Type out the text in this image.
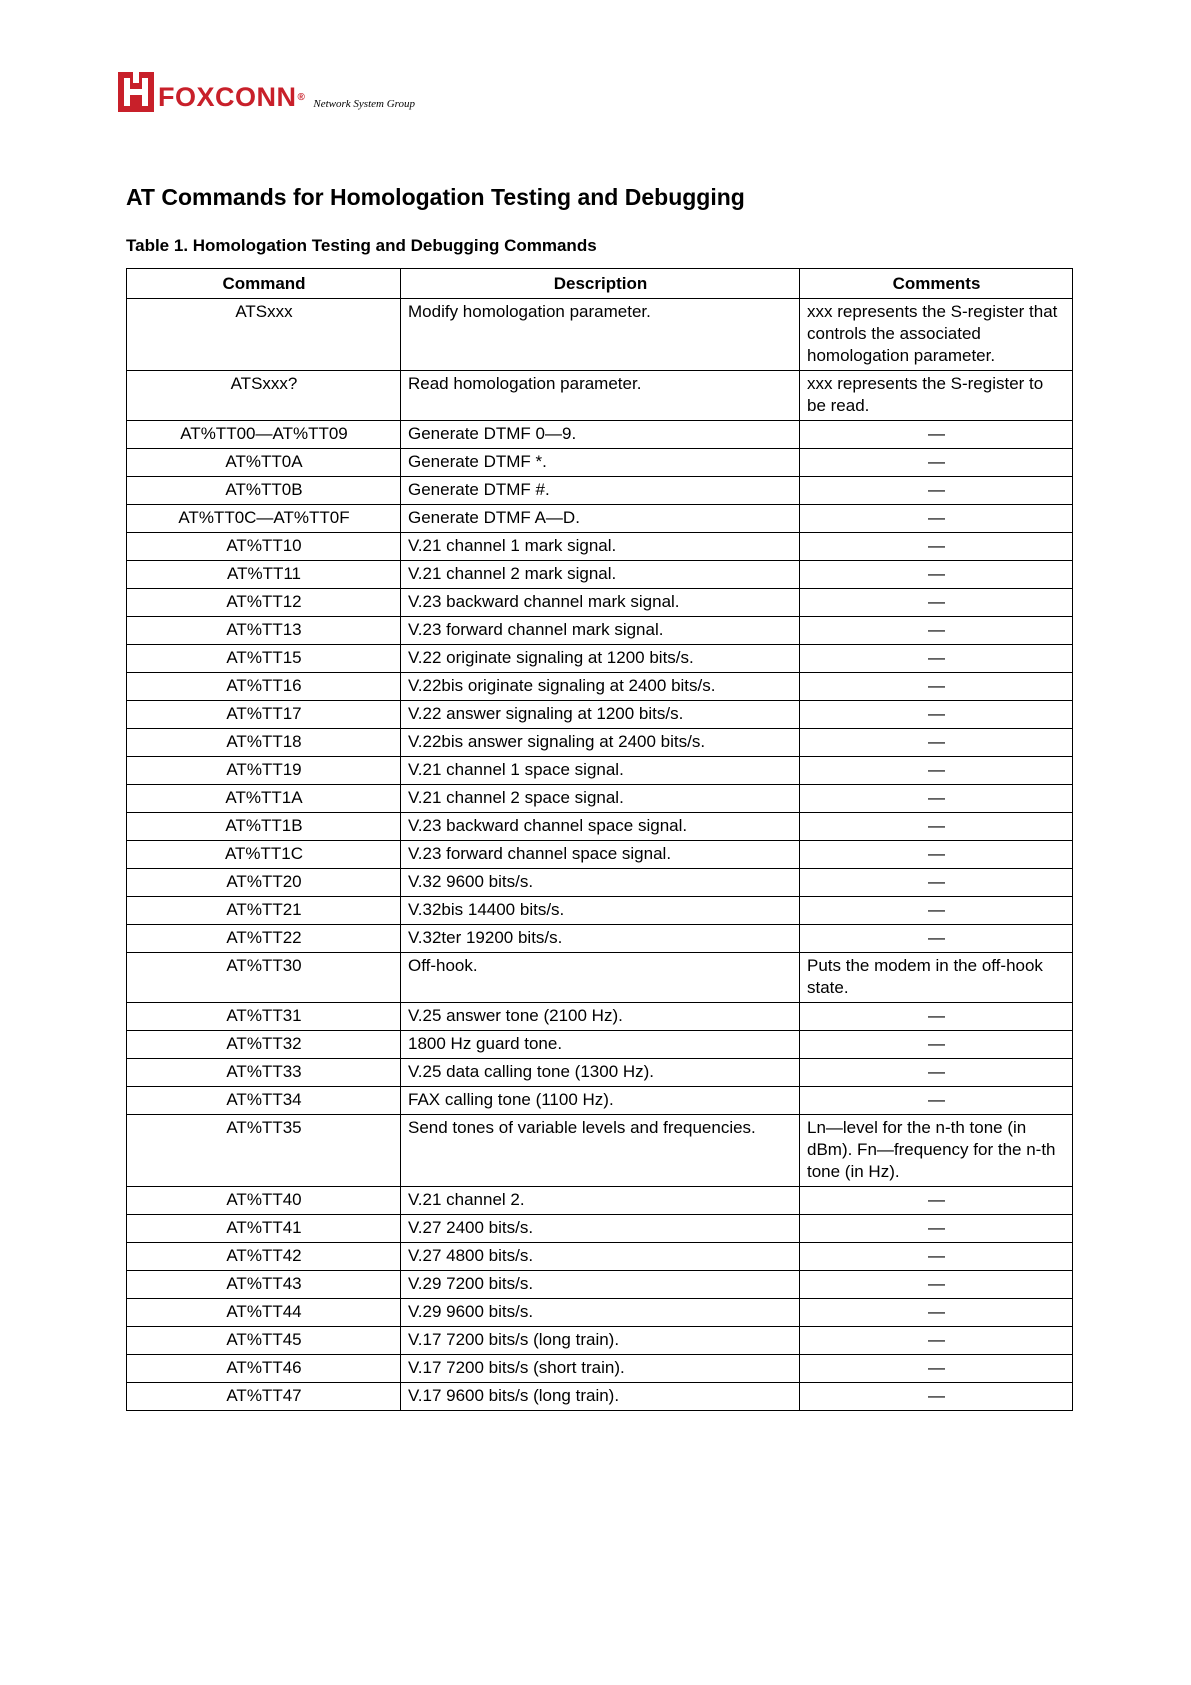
FOXCONN®
Network System Group
AT Commands for Homologation Testing and Debugging
Table 1. Homologation Testing and Debugging Commands
Command	Description	Comments
ATSxxx	Modify homologation parameter.	xxx represents the S-register that controls the associated homologation parameter.
ATSxxx?	Read homologation parameter.	xxx represents the S-register to be read.
AT%TT00—AT%TT09	Generate DTMF 0—9.	—
AT%TT0A	Generate DTMF *.	—
AT%TT0B	Generate DTMF #.	—
AT%TT0C—AT%TT0F	Generate DTMF A—D.	—
AT%TT10	V.21 channel 1 mark signal.	—
AT%TT11	V.21 channel 2 mark signal.	—
AT%TT12	V.23 backward channel mark signal.	—
AT%TT13	V.23 forward channel mark signal.	—
AT%TT15	V.22 originate signaling at 1200 bits/s.	—
AT%TT16	V.22bis originate signaling at 2400 bits/s.	—
AT%TT17	V.22 answer signaling at 1200 bits/s.	—
AT%TT18	V.22bis answer signaling at 2400 bits/s.	—
AT%TT19	V.21 channel 1 space signal.	—
AT%TT1A	V.21 channel 2 space signal.	—
AT%TT1B	V.23 backward channel space signal.	—
AT%TT1C	V.23 forward channel space signal.	—
AT%TT20	V.32 9600 bits/s.	—
AT%TT21	V.32bis 14400 bits/s.	—
AT%TT22	V.32ter 19200 bits/s.	—
AT%TT30	Off-hook.	Puts the modem in the off-hook state.
AT%TT31	V.25 answer tone (2100 Hz).	—
AT%TT32	1800 Hz guard tone.	—
AT%TT33	V.25 data calling tone (1300 Hz).	—
AT%TT34	FAX calling tone (1100 Hz).	—
AT%TT35	Send tones of variable levels and frequencies.	Ln—level for the n-th tone (in dBm). Fn—frequency for the n-th tone (in Hz).
AT%TT40	V.21 channel 2.	—
AT%TT41	V.27 2400 bits/s.	—
AT%TT42	V.27 4800 bits/s.	—
AT%TT43	V.29 7200 bits/s.	—
AT%TT44	V.29 9600 bits/s.	—
AT%TT45	V.17 7200 bits/s (long train).	—
AT%TT46	V.17 7200 bits/s (short train).	—
AT%TT47	V.17 9600 bits/s (long train).	—
